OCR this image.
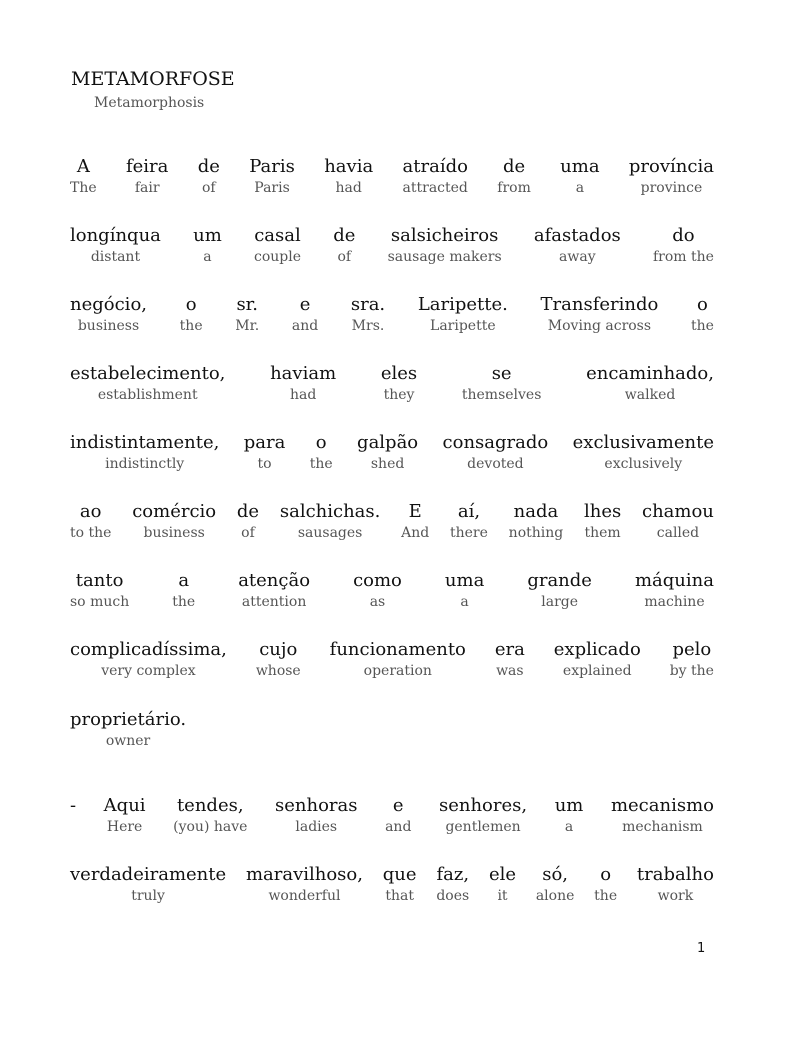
METAMORFOSE
Metamorphosis
A
The
feira
fair
de
of
Paris
Paris
havia
had
atraído
attracted
de
from
uma
a
província
province
longínqua
distant
um
a
casal
couple
de
of
salsicheiros
sausage makers
afastados
away
do
from the
negócio,
business
o
the
sr.
Mr.
e
and
sra.
Mrs.
Laripette.
Laripette
Transferindo
Moving across
o
the
estabelecimento,
establishment
haviam
had
eles
they
se
themselves
encaminhado,
walked
indistintamente,
indistinctly
para
to
o
the
galpão
shed
consagrado
devoted
exclusivamente
exclusively
ao
to the
comércio
business
de
of
salchichas.
sausages
E
And
aí,
there
nada
nothing
lhes
them
chamou
called
tanto
so much
a
the
atenção
attention
como
as
uma
a
grande
large
máquina
machine
complicadíssima,
very complex
cujo
whose
funcionamento
operation
era
was
explicado
explained
pelo
by the
proprietário.
owner
- Aqui
Here
tendes,
(you) have
senhoras
ladies
e
and
senhores,
gentlemen
um
a
mecanismo
mechanism
verdadeiramente
truly
maravilhoso,
wonderful
que
that
faz,
does
ele
it
só,
alone
o
the
trabalho
work
1
